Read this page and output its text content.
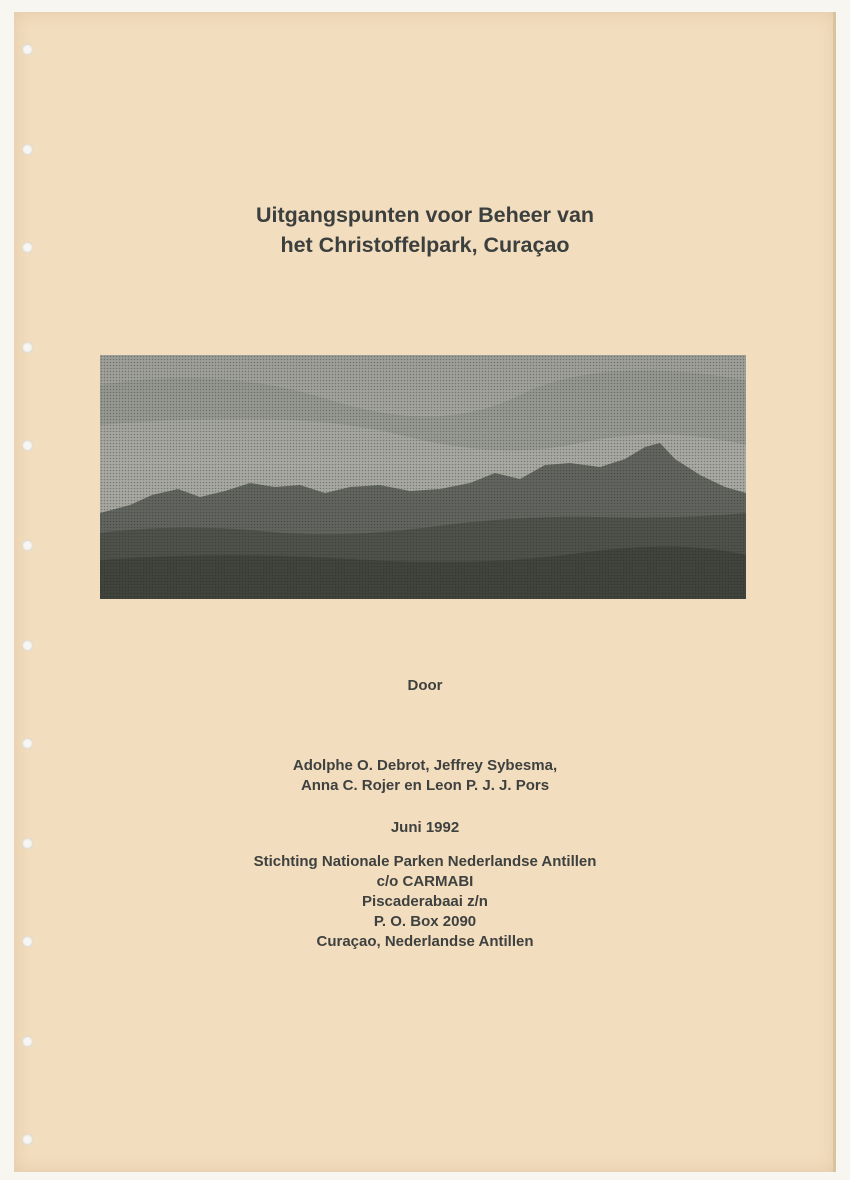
Uitgangspunten voor Beheer van
het Christoffelpark, Curaçao
Door
Adolphe O. Debrot, Jeffrey Sybesma,
Anna C. Rojer en Leon P. J. J. Pors
Juni 1992
Stichting Nationale Parken Nederlandse Antillen
c/o CARMABI
Piscaderabaai z/n
P. O. Box 2090
Curaçao, Nederlandse Antillen
